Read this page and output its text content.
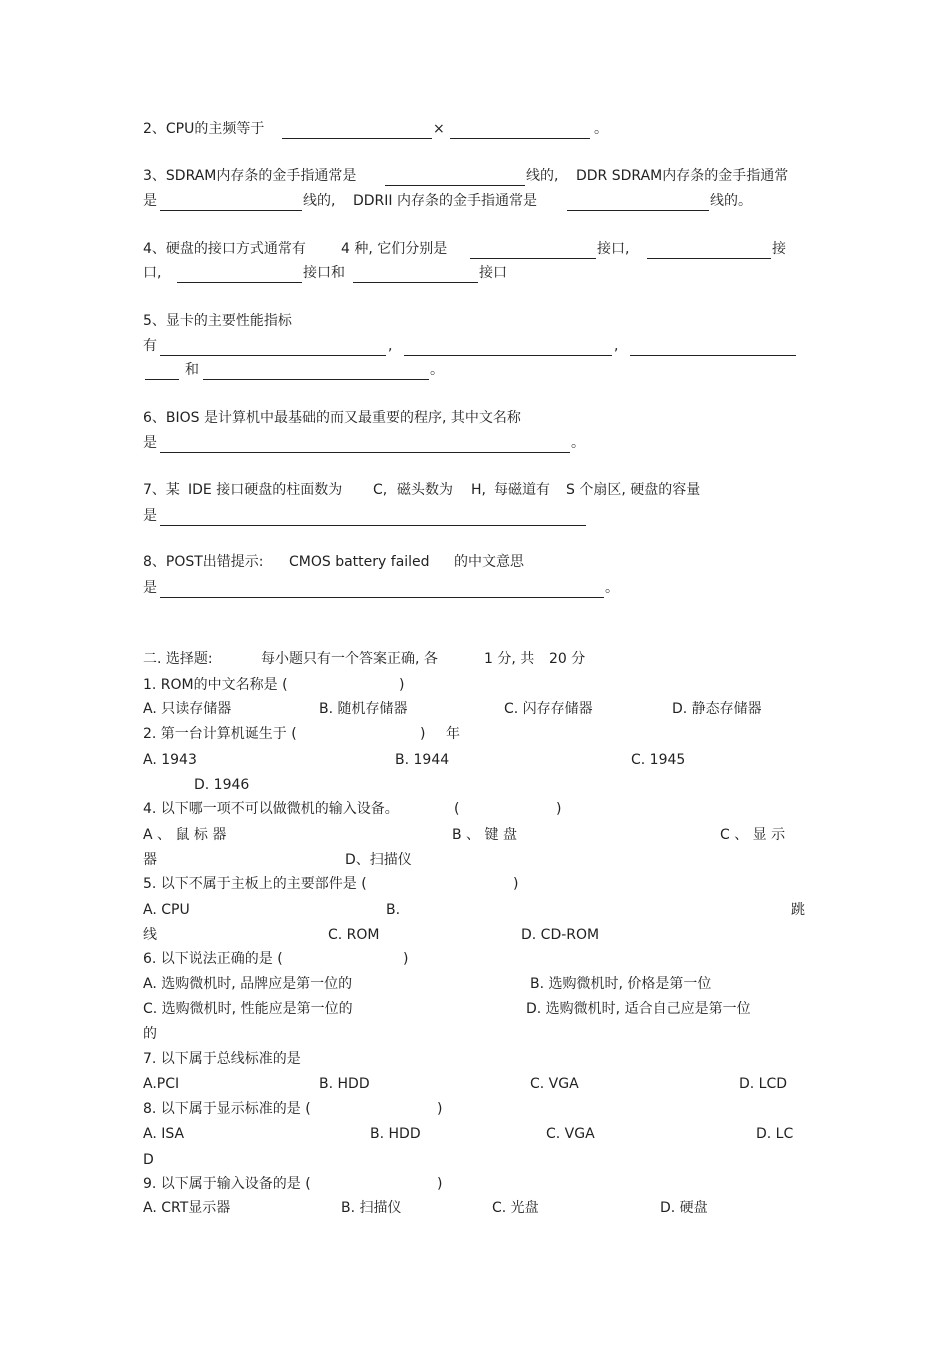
2、CPU的主频等于	×	。
3、SDRAM内存条的金手指通常是	线的, DDR SDRAM内存条的金手指通常
是	线的, DDRII 内存条的金手指通常是	线的。
4、硬盘的接口方式通常有	4 种, 它们分别是	接口,	接
口,	接口和	接口
5、显卡的主要性能指标
有	,	,
和	。
6、BIOS 是计算机中最基础的而又最重要的程序, 其中文名称
是	。
7、某 IDE 接口硬盘的柱面数为 C, 磁头数为 H, 每磁道有 S 个扇区, 硬盘的容量
是
8、POST出错提示: CMOS battery failed 的中文意思
是	。
二. 选择题:	每小题只有一个答案正确, 各	1 分, 共 20 分
1. ROM的中文名称是 (	)
A. 只读存储器	B. 随机存储器	C. 闪存存储器	D. 静态存储器
2. 第一台计算机诞生于 (	) 年
A. 1943	B. 1944	C. 1945
D. 1946
4. 以下哪一项不可以做微机的输入设备。	(	)
A 、 鼠 标 器	B 、 键 盘	C 、 显 示
器	D、扫描仪
5. 以下不属于主板上的主要部件是 (	)
A. CPU	B.	跳
线	C. ROM	D. CD-ROM
6. 以下说法正确的是 (	)
A. 选购微机时, 品牌应是第一位的	B. 选购微机时, 价格是第一位
C. 选购微机时, 性能应是第一位的	D. 选购微机时, 适合自己应是第一位
的
7. 以下属于总线标准的是
A.PCI	B. HDD	C. VGA	D. LCD
8. 以下属于显示标准的是 (	)
A. ISA	B. HDD	C. VGA	D. LC
D
9. 以下属于输入设备的是 (	)
A. CRT显示器	B. 扫描仪	C. 光盘	D. 硬盘
